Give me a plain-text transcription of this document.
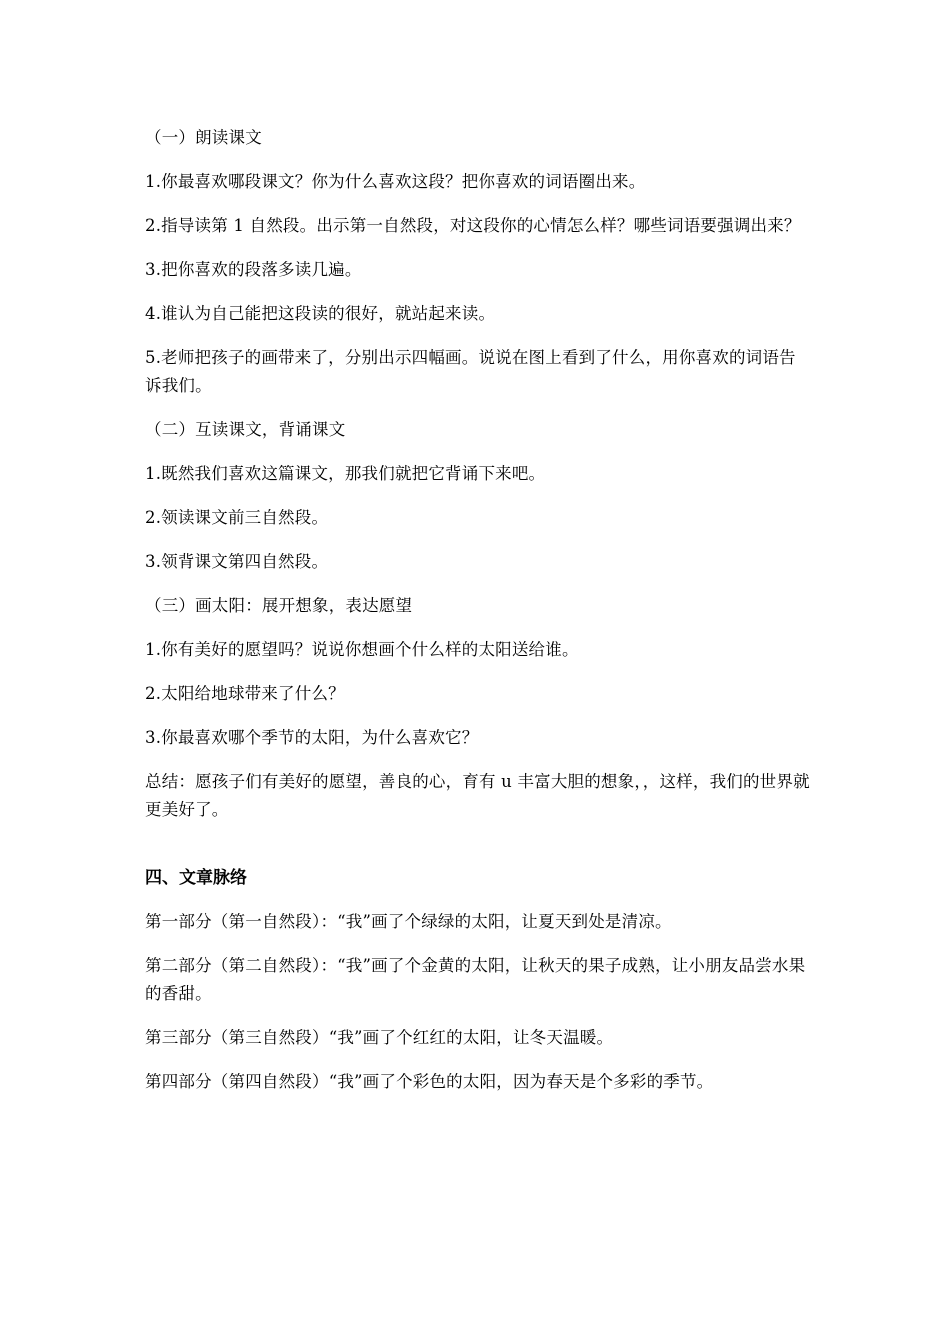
（一）朗读课文

1.你最喜欢哪段课文？你为什么喜欢这段？把你喜欢的词语圈出来。

2.指导读第 1 自然段。出示第一自然段，对这段你的心情怎么样？哪些词语要强调出来？

3.把你喜欢的段落多读几遍。

4.谁认为自己能把这段读的很好，就站起来读。

5.老师把孩子的画带来了，分别出示四幅画。说说在图上看到了什么，用你喜欢的词语告诉我们。

（二）互读课文，背诵课文

1.既然我们喜欢这篇课文，那我们就把它背诵下来吧。

2.领读课文前三自然段。

3.领背课文第四自然段。

（三）画太阳：展开想象，表达愿望

1.你有美好的愿望吗？说说你想画个什么样的太阳送给谁。

2.太阳给地球带来了什么？

3.你最喜欢哪个季节的太阳，为什么喜欢它？

总结：愿孩子们有美好的愿望，善良的心，育有 u 丰富大胆的想象，，这样，我们的世界就更美好了。

四、文章脉络

第一部分（第一自然段）：“我”画了个绿绿的太阳，让夏天到处是清凉。

第二部分（第二自然段）：“我”画了个金黄的太阳，让秋天的果子成熟，让小朋友品尝水果的香甜。

第三部分（第三自然段）“我”画了个红红的太阳，让冬天温暖。

第四部分（第四自然段）“我”画了个彩色的太阳，因为春天是个多彩的季节。
